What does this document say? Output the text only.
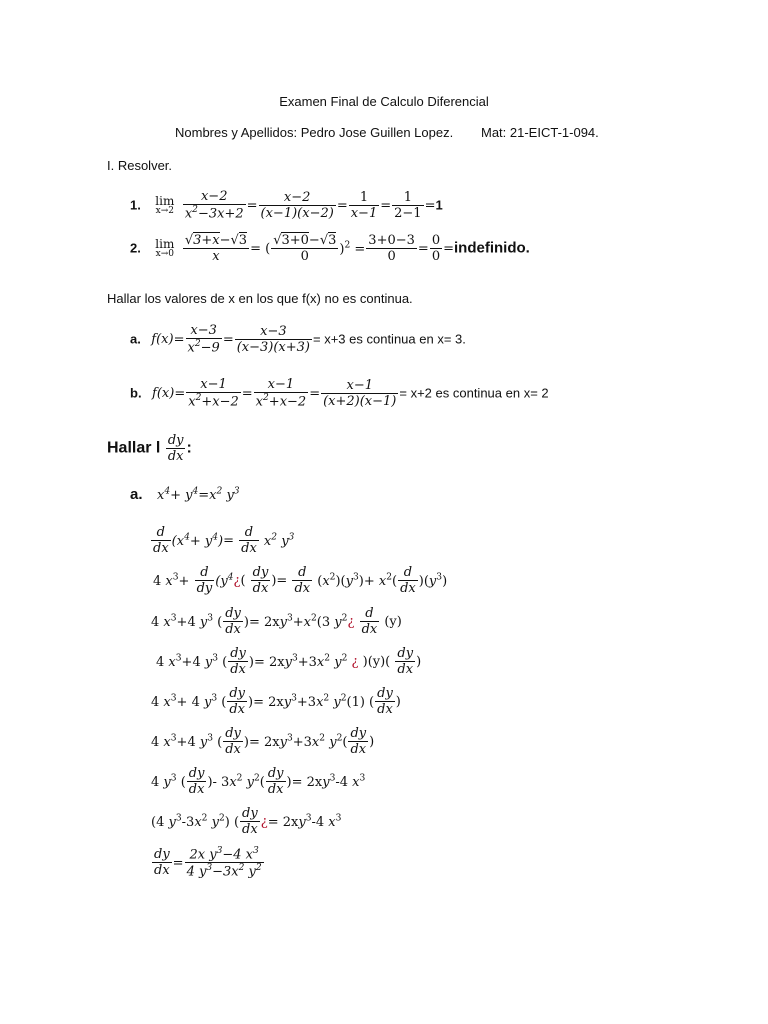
Examen Final de Calculo Diferencial
Nombres y Apellidos: Pedro Jose Guillen Lopez. Mat: 21-EICT-1-094.
I. Resolver.
1. lim
x→2
$\frac{x-2}{x^2-3x+2} = \frac{x-2}{(x-1)(x-2)} = \frac{1}{x-1} = \frac{1}{2-1} =1$
2. lim
x→0
$\frac{√3+x-√3}{x}$ = ( $\frac{√3+0-√3}{0} )^2 = \frac{3+0-3}{0} = \frac{0}{0}$ =indefinido.
Hallar los valores de x en los que f(x) no es continua.
a. $f(x)= \frac{x-3}{x^2-9} = \frac{x-3}{(x-3)(x+3)} = x+3$ es continua en x= 3.
b. $f(x)= \frac{x-1}{x^2+x-2} = \frac{x-1}{x^2+x-2} = \frac{x-1}{(x+2)(x-1)} = x+2$ es continua en x= 2
Hallar l $\frac{dy}{dx}$ :
a. $x^4+ y^4=x^2$ $y^3$
$\frac{d}{dx} (x^4+ y^4)= \frac{d}{dx} x^2$ $y^3$
4 $x^3+ \frac{d}{dy}$ ($y^4¿( \frac{dy}{dx}$ )= $\frac{d}{dx} (x^2)(y^3)+ x^2( \frac{d}{dx} )(y^3)$
4 $x^3+4$ $y^3$ ( $\frac{dy}{dx}$ )= $2xy^3+x^2(3$ $y^2¿ \frac{d}{dx} (y)$
4 $x^3+4$ $y^3$ ( $\frac{dy}{dx}$ )= $2xy^3+3x^2$ $y^2$ ¿ )$(y)( \frac{dy}{dx}$ )
4 $x^3+ 4$ $y^3$ ( $\frac{dy}{dx}$ )= $2xy^3+3x^2$ $y^2(1)$ ( $\frac{dy}{dx}$ )
4 $x^3+4$ $y^3$ ( $\frac{dy}{dx}$ )= $2xy^3+3x^2$ $y^2( \frac{dy}{dx}$ )
4 $y^3$ ( $\frac{dy}{dx}$ )- $3x^2$ $y^2( \frac{dy}{dx}$ )= $2xy^3-4$ $x^3$
(4 $y^3-3x^2$ $y^2$) ( $\frac{dy}{dx}$ ¿= $2xy^3-4$ $x^3$
$\frac{dy}{dx} = \frac{2x y^3-4 x^3}{4 y^3-3x^2 y^2}$
